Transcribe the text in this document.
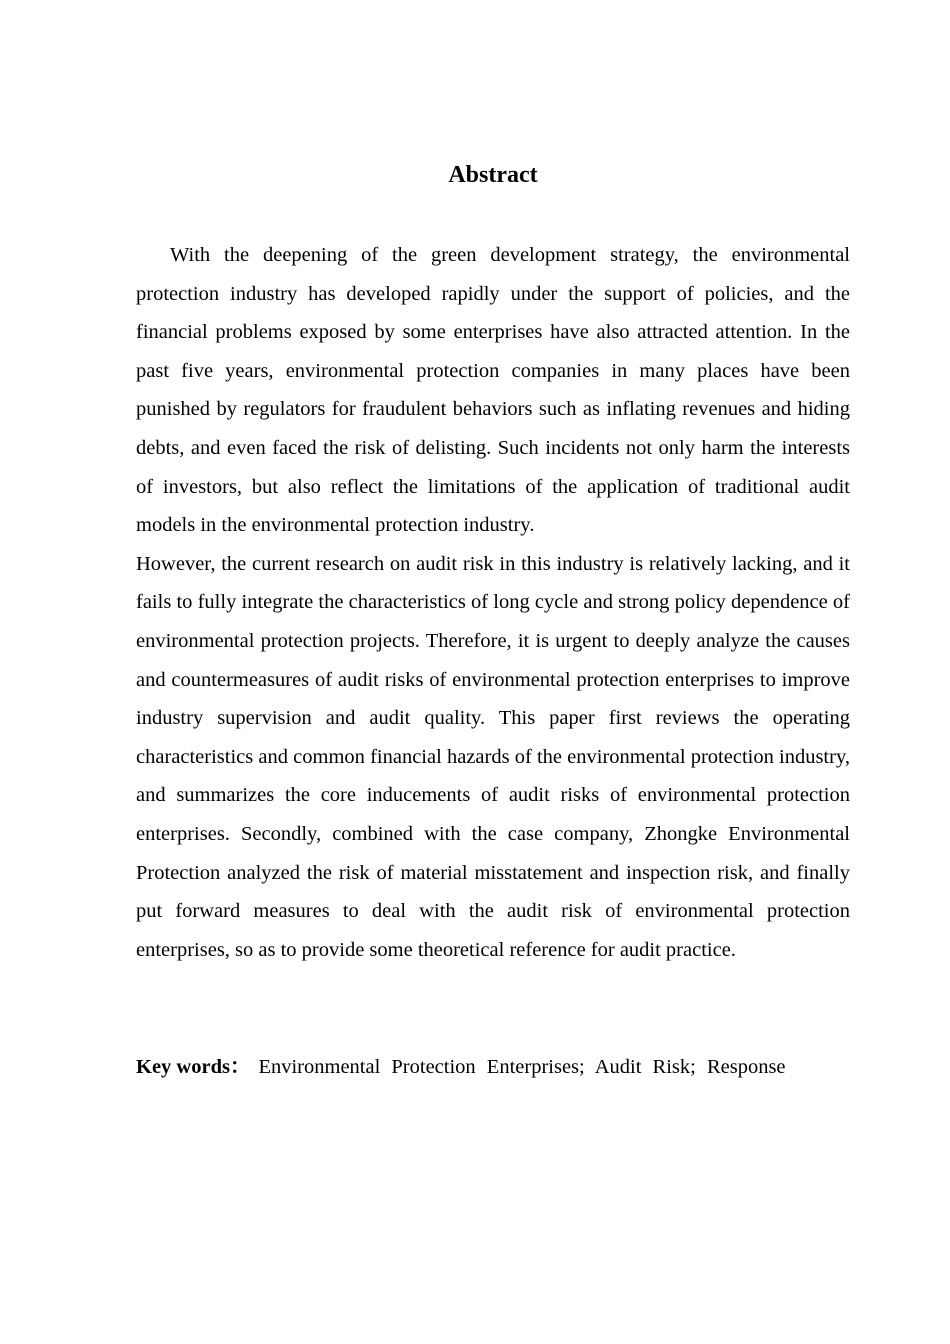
Abstract

With the deepening of the green development strategy, the environmental protection industry has developed rapidly under the support of policies, and the financial problems exposed by some enterprises have also attracted attention. In the past five years, environmental protection companies in many places have been punished by regulators for fraudulent behaviors such as inflating revenues and hiding debts, and even faced the risk of delisting. Such incidents not only harm the interests of investors, but also reflect the limitations of the application of traditional audit models in the environmental protection industry.

However, the current research on audit risk in this industry is relatively lacking, and it fails to fully integrate the characteristics of long cycle and strong policy dependence of environmental protection projects. Therefore, it is urgent to deeply analyze the causes and countermeasures of audit risks of environmental protection enterprises to improve industry supervision and audit quality. This paper first reviews the operating characteristics and common financial hazards of the environmental protection industry, and summarizes the core inducements of audit risks of environmental protection enterprises. Secondly, combined with the case company, Zhongke Environmental Protection analyzed the risk of material misstatement and inspection risk, and finally put forward measures to deal with the audit risk of environmental protection enterprises, so as to provide some theoretical reference for audit practice.

Key words： Environmental Protection Enterprises; Audit Risk; Response
